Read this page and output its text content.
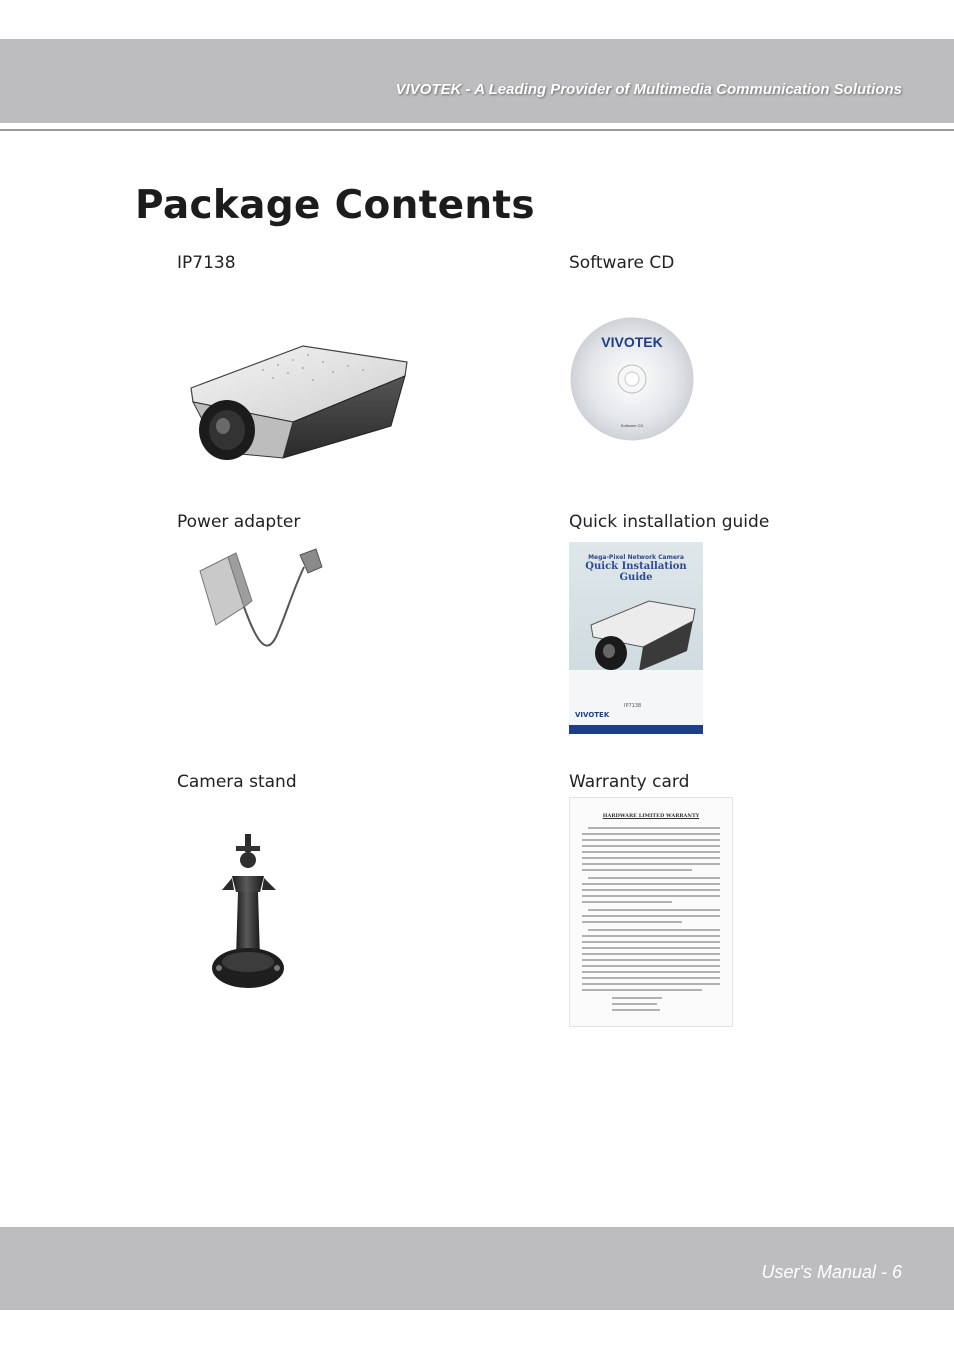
VIVOTEK - A Leading Provider of Multimedia Communication Solutions
Package Contents
IP7138	Software CD
Power adapter	Quick installation guide
Camera stand	Warranty card
VIVOTEK
Software CD
Mega-Pixel Network Camera
Quick Installation Guide
VIVOTEK
IP7138
HARDWARE LIMITED WARRANTY
User's Manual - 6
